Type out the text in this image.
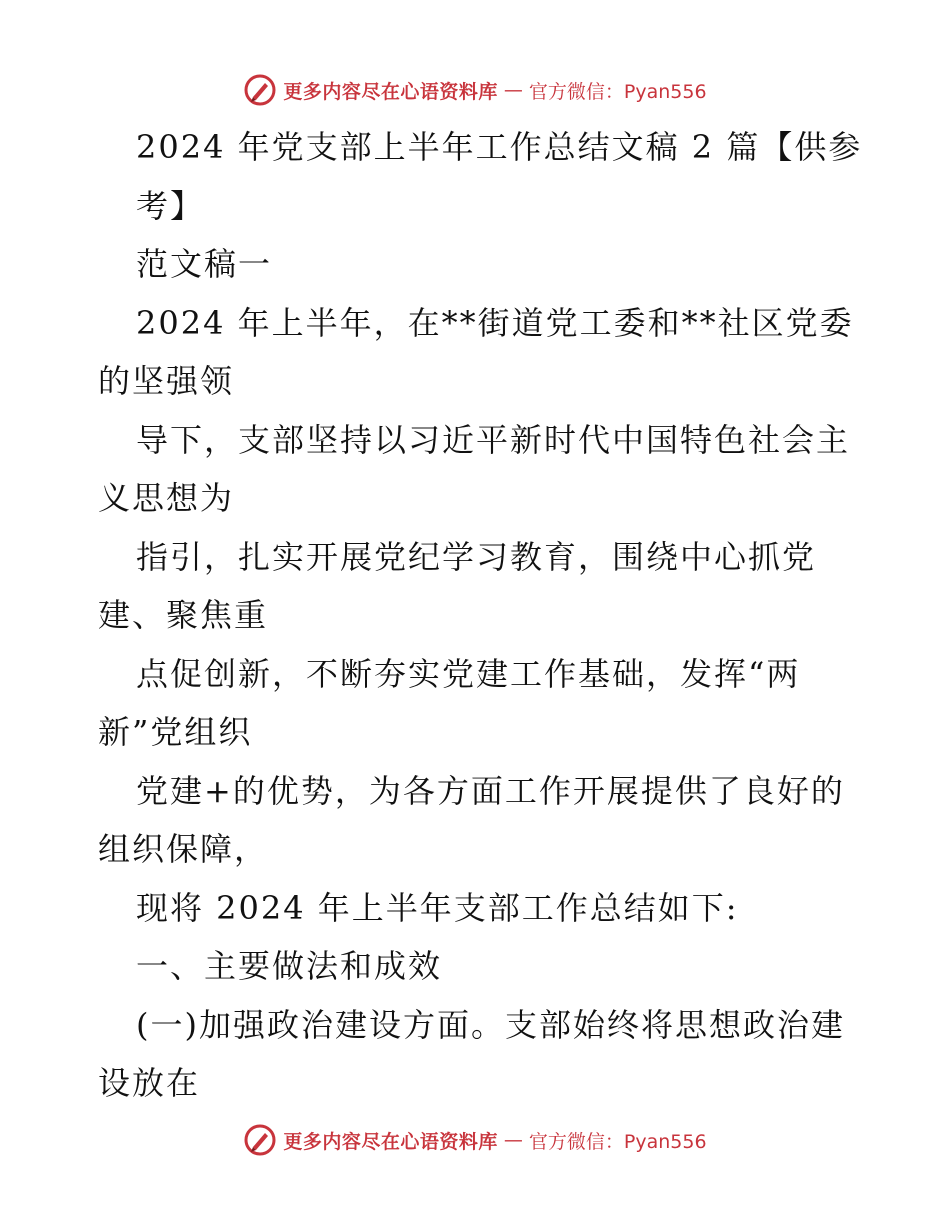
更多内容尽在心语资料库 — 官方微信：Pyan556
2024 年党支部上半年工作总结文稿 2 篇【供参
考】
范文稿一
2024 年上半年，在**街道党工委和**社区党委
的坚强领
导下，支部坚持以习近平新时代中国特色社会主
义思想为
指引，扎实开展党纪学习教育，围绕中心抓党
建、聚焦重
点促创新，不断夯实党建工作基础，发挥“两
新”党组织
党建+的优势，为各方面工作开展提供了良好的
组织保障，
现将 2024 年上半年支部工作总结如下:
一、主要做法和成效
(一)加强政治建设方面。支部始终将思想政治建
设放在
更多内容尽在心语资料库 — 官方微信：Pyan556
